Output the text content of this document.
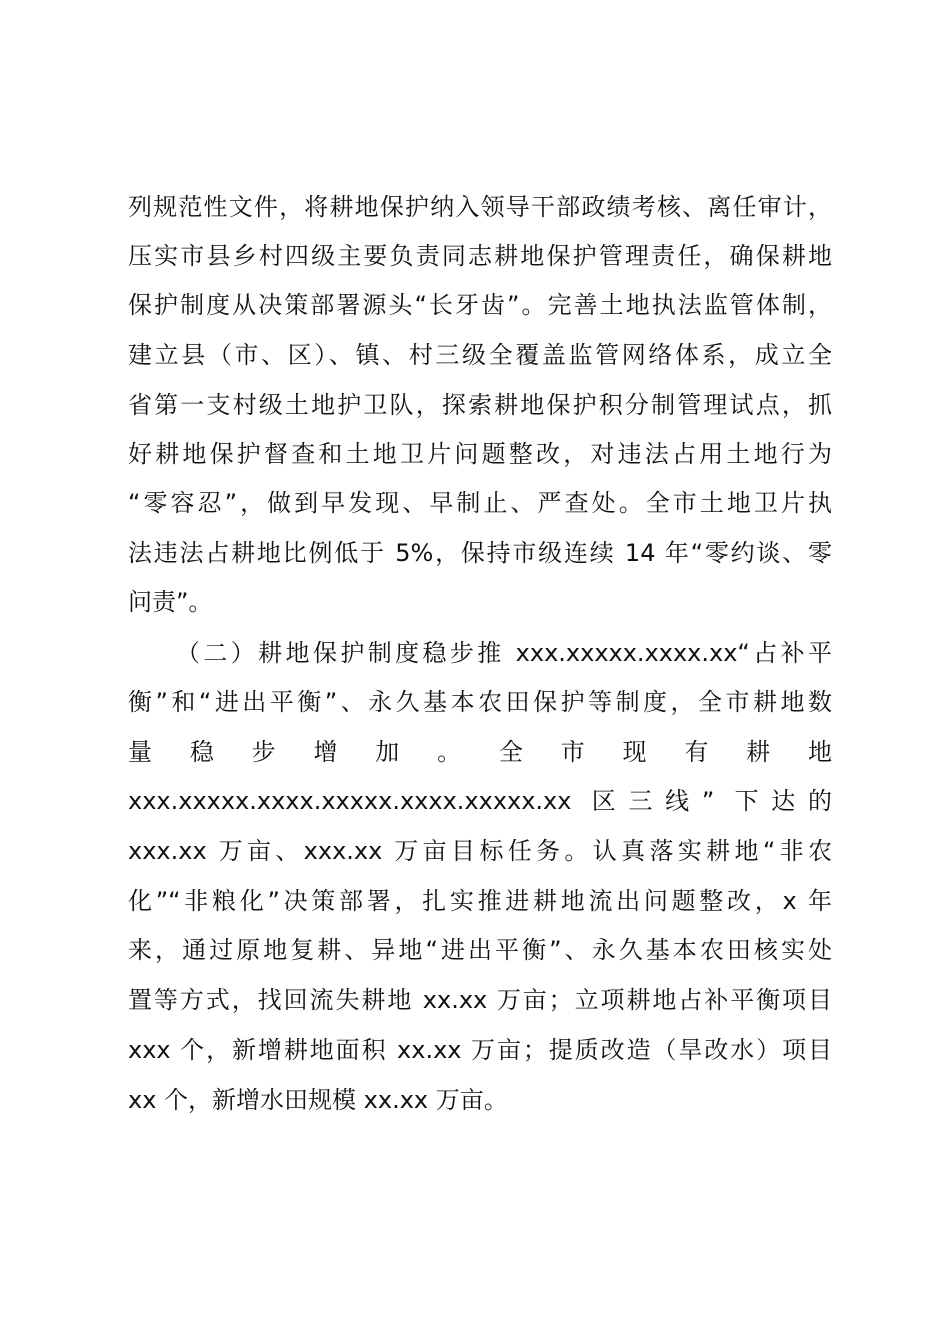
列规范性文件，将耕地保护纳入领导干部政绩考核、离任审计，
压实市县乡村四级主要负责同志耕地保护管理责任，确保耕地
保护制度从决策部署源头“长牙齿”。完善土地执法监管体制，
建立县（市、区）、镇、村三级全覆盖监管网络体系，成立全
省第一支村级土地护卫队，探索耕地保护积分制管理试点，抓
好耕地保护督查和土地卫片问题整改，对违法占用土地行为
“零容忍”，做到早发现、早制止、严查处。全市土地卫片执
法违法占耕地比例低于 5%，保持市级连续 14 年“零约谈、零
问责”。
（二）耕地保护制度稳步推 xxx.xxxxx.xxxx.xx“占补平
衡”和“进出平衡”、永久基本农田保护等制度，全市耕地数
量稳步增加。全市现有耕地
xxx.xxxxx.xxxx.xxxxx.xxxx.xxxxx.xx 区三线” 下达的
xxx.xx 万亩、xxx.xx 万亩目标任务。认真落实耕地“非农
化”“非粮化”决策部署，扎实推进耕地流出问题整改，x 年
来，通过原地复耕、异地“进出平衡”、永久基本农田核实处
置等方式，找回流失耕地 xx.xx 万亩；立项耕地占补平衡项目
xxx 个，新增耕地面积 xx.xx 万亩；提质改造（旱改水）项目
xx 个，新增水田规模 xx.xx 万亩。
